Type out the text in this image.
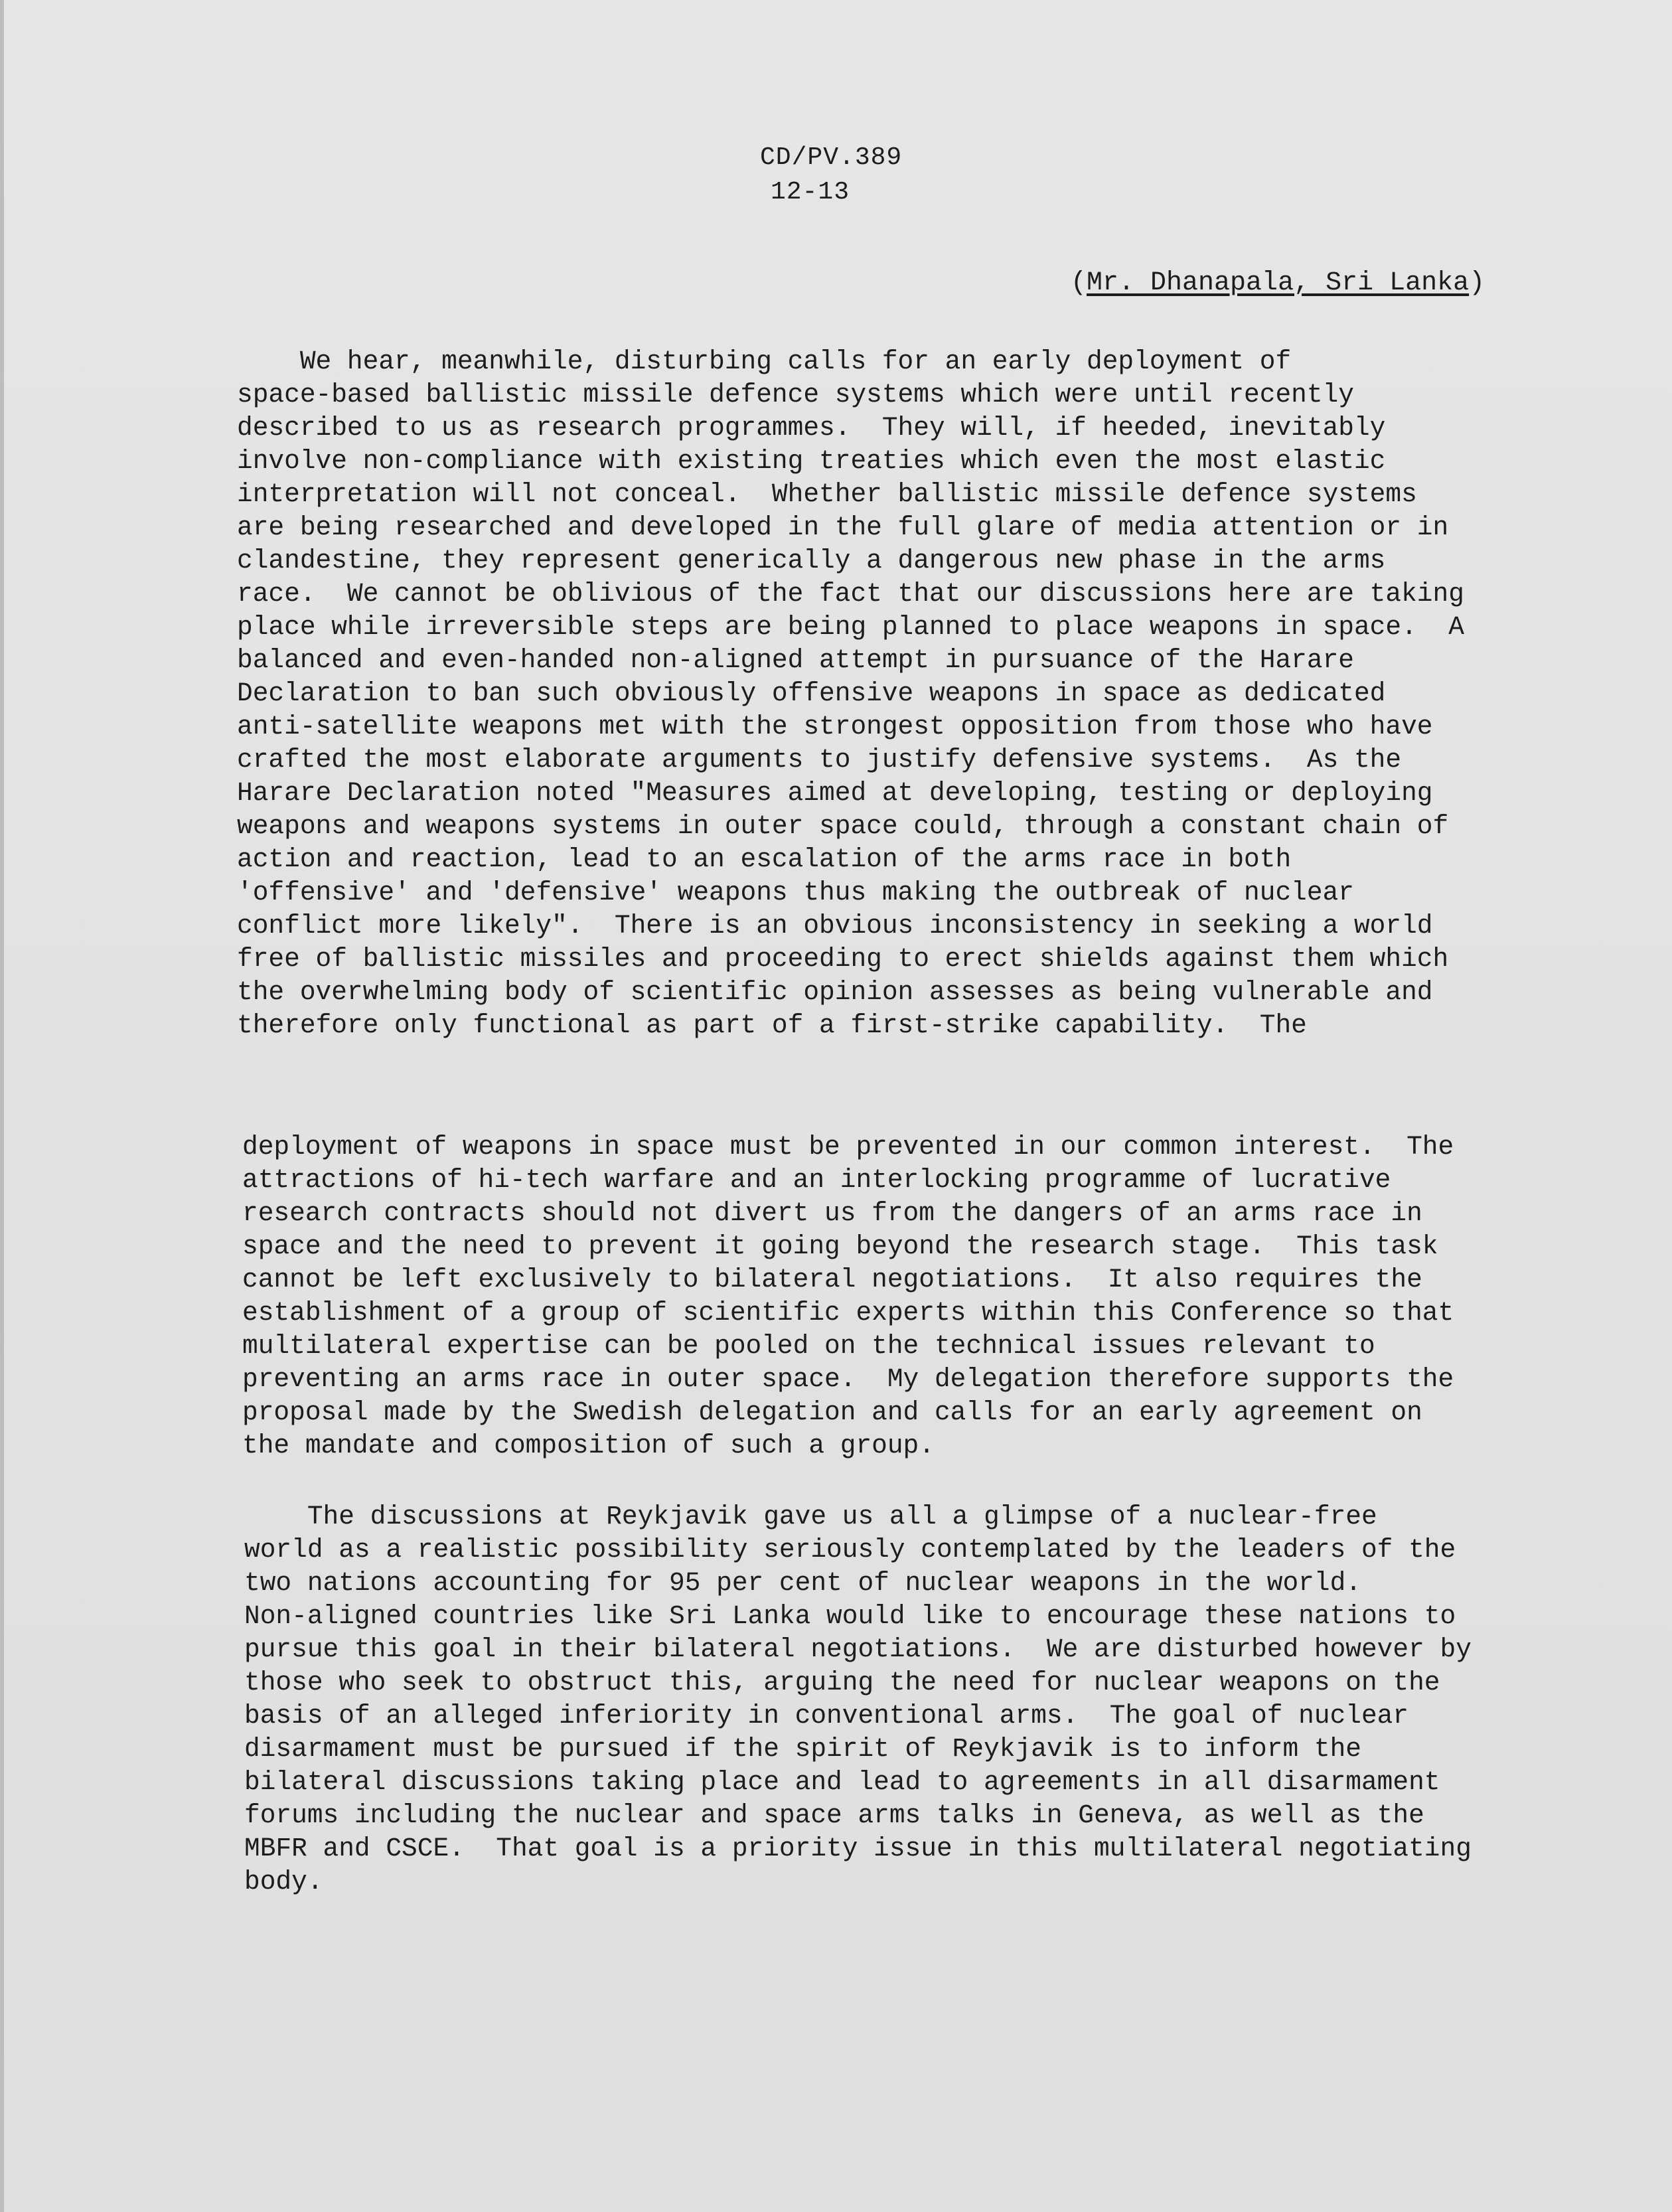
CD/PV.389
12-13
(Mr. Dhanapala, Sri Lanka)

We hear, meanwhile, disturbing calls for an early deployment of
space-based ballistic missile defence systems which were until recently
described to us as research programmes.  They will, if heeded, inevitably
involve non-compliance with existing treaties which even the most elastic
interpretation will not conceal.  Whether ballistic missile defence systems
are being researched and developed in the full glare of media attention or in
clandestine, they represent generically a dangerous new phase in the arms
race.  We cannot be oblivious of the fact that our discussions here are taking
place while irreversible steps are being planned to place weapons in space.  A
balanced and even-handed non-aligned attempt in pursuance of the Harare
Declaration to ban such obviously offensive weapons in space as dedicated
anti-satellite weapons met with the strongest opposition from those who have
crafted the most elaborate arguments to justify defensive systems.  As the
Harare Declaration noted "Measures aimed at developing, testing or deploying
weapons and weapons systems in outer space could, through a constant chain of
action and reaction, lead to an escalation of the arms race in both
'offensive' and 'defensive' weapons thus making the outbreak of nuclear
conflict more likely".  There is an obvious inconsistency in seeking a world
free of ballistic missiles and proceeding to erect shields against them which
the overwhelming body of scientific opinion assesses as being vulnerable and
therefore only functional as part of a first-strike capability.  The

deployment of weapons in space must be prevented in our common interest.  The
attractions of hi-tech warfare and an interlocking programme of lucrative
research contracts should not divert us from the dangers of an arms race in
space and the need to prevent it going beyond the research stage.  This task
cannot be left exclusively to bilateral negotiations.  It also requires the
establishment of a group of scientific experts within this Conference so that
multilateral expertise can be pooled on the technical issues relevant to
preventing an arms race in outer space.  My delegation therefore supports the
proposal made by the Swedish delegation and calls for an early agreement on
the mandate and composition of such a group.

The discussions at Reykjavik gave us all a glimpse of a nuclear-free
world as a realistic possibility seriously contemplated by the leaders of the
two nations accounting for 95 per cent of nuclear weapons in the world.
Non-aligned countries like Sri Lanka would like to encourage these nations to
pursue this goal in their bilateral negotiations.  We are disturbed however by
those who seek to obstruct this, arguing the need for nuclear weapons on the
basis of an alleged inferiority in conventional arms.  The goal of nuclear
disarmament must be pursued if the spirit of Reykjavik is to inform the
bilateral discussions taking place and lead to agreements in all disarmament
forums including the nuclear and space arms talks in Geneva, as well as the
MBFR and CSCE.  That goal is a priority issue in this multilateral negotiating
body.
